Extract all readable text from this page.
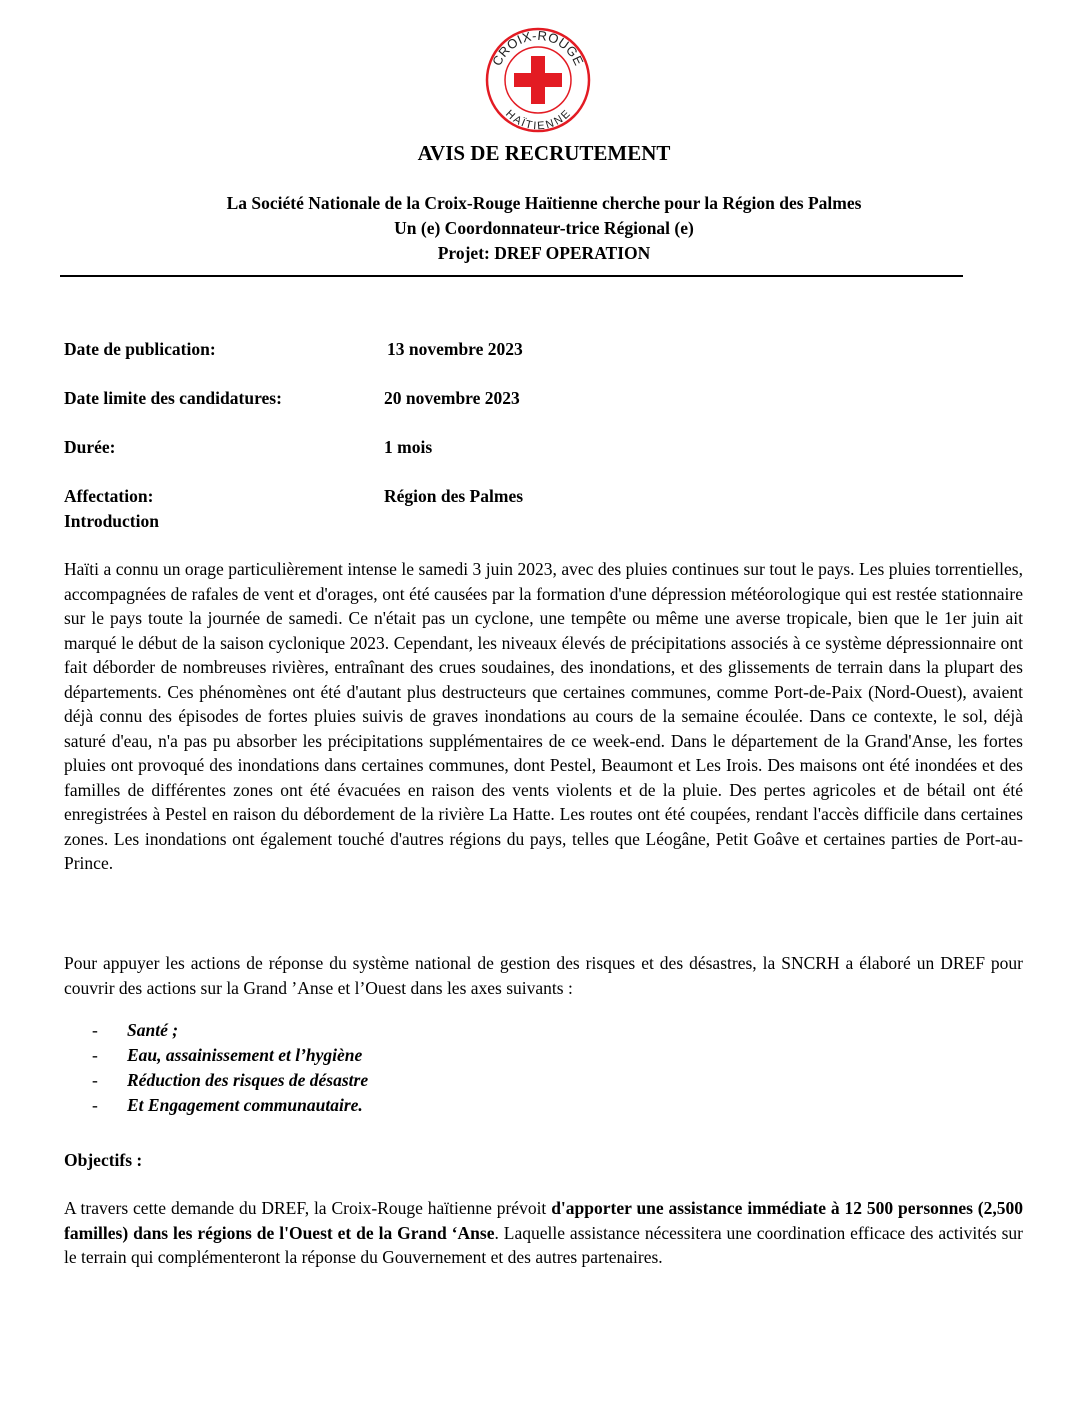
CROIX-ROUGE
HAÏTIENNE
AVIS DE RECRUTEMENT
La Société Nationale de la Croix-Rouge Haïtienne cherche pour la Région des Palmes
Un (e) Coordonnateur-trice Régional (e)
Projet: DREF OPERATION
Date de publication:	13 novembre 2023
Date limite des candidatures:	20 novembre 2023
Durée:	1 mois
Affectation:	Région des Palmes
Introduction

Haïti a connu un orage particulièrement intense le samedi 3 juin 2023, avec des pluies continues sur tout le pays. Les pluies torrentielles, accompagnées de rafales de vent et d'orages, ont été causées par la formation d'une dépression météorologique qui est restée stationnaire sur le pays toute la journée de samedi. Ce n'était pas un cyclone, une tempête ou même une averse tropicale, bien que le 1er juin ait marqué le début de la saison cyclonique 2023. Cependant, les niveaux élevés de précipitations associés à ce système dépressionnaire ont fait déborder de nombreuses rivières, entraînant des crues soudaines, des inondations, et des glissements de terrain dans la plupart des départements. Ces phénomènes ont été d'autant plus destructeurs que certaines communes, comme Port-de-Paix (Nord-Ouest), avaient déjà connu des épisodes de fortes pluies suivis de graves inondations au cours de la semaine écoulée. Dans ce contexte, le sol, déjà saturé d'eau, n'a pas pu absorber les précipitations supplémentaires de ce week-end. Dans le département de la Grand'Anse, les fortes pluies ont provoqué des inondations dans certaines communes, dont Pestel, Beaumont et Les Irois. Des maisons ont été inondées et des familles de différentes zones ont été évacuées en raison des vents violents et de la pluie. Des pertes agricoles et de bétail ont été enregistrées à Pestel en raison du débordement de la rivière La Hatte. Les routes ont été coupées, rendant l'accès difficile dans certaines zones. Les inondations ont également touché d'autres régions du pays, telles que Léogâne, Petit Goâve et certaines parties de Port-au-Prince.

Pour appuyer les actions de réponse du système national de gestion des risques et des désastres, la SNCRH a élaboré un DREF pour couvrir des actions sur la Grand ’Anse et l’Ouest dans les axes suivants :

- Santé ;
- Eau, assainissement et l’hygiène
- Réduction des risques de désastre
- Et Engagement communautaire.
Objectifs :

A travers cette demande du DREF, la Croix-Rouge haïtienne prévoit d'apporter une assistance immédiate à 12 500 personnes (2,500 familles) dans les régions de l'Ouest et de la Grand ‘Anse. Laquelle assistance nécessitera une coordination efficace des activités sur le terrain qui complémenteront la réponse du Gouvernement et des autres partenaires.
